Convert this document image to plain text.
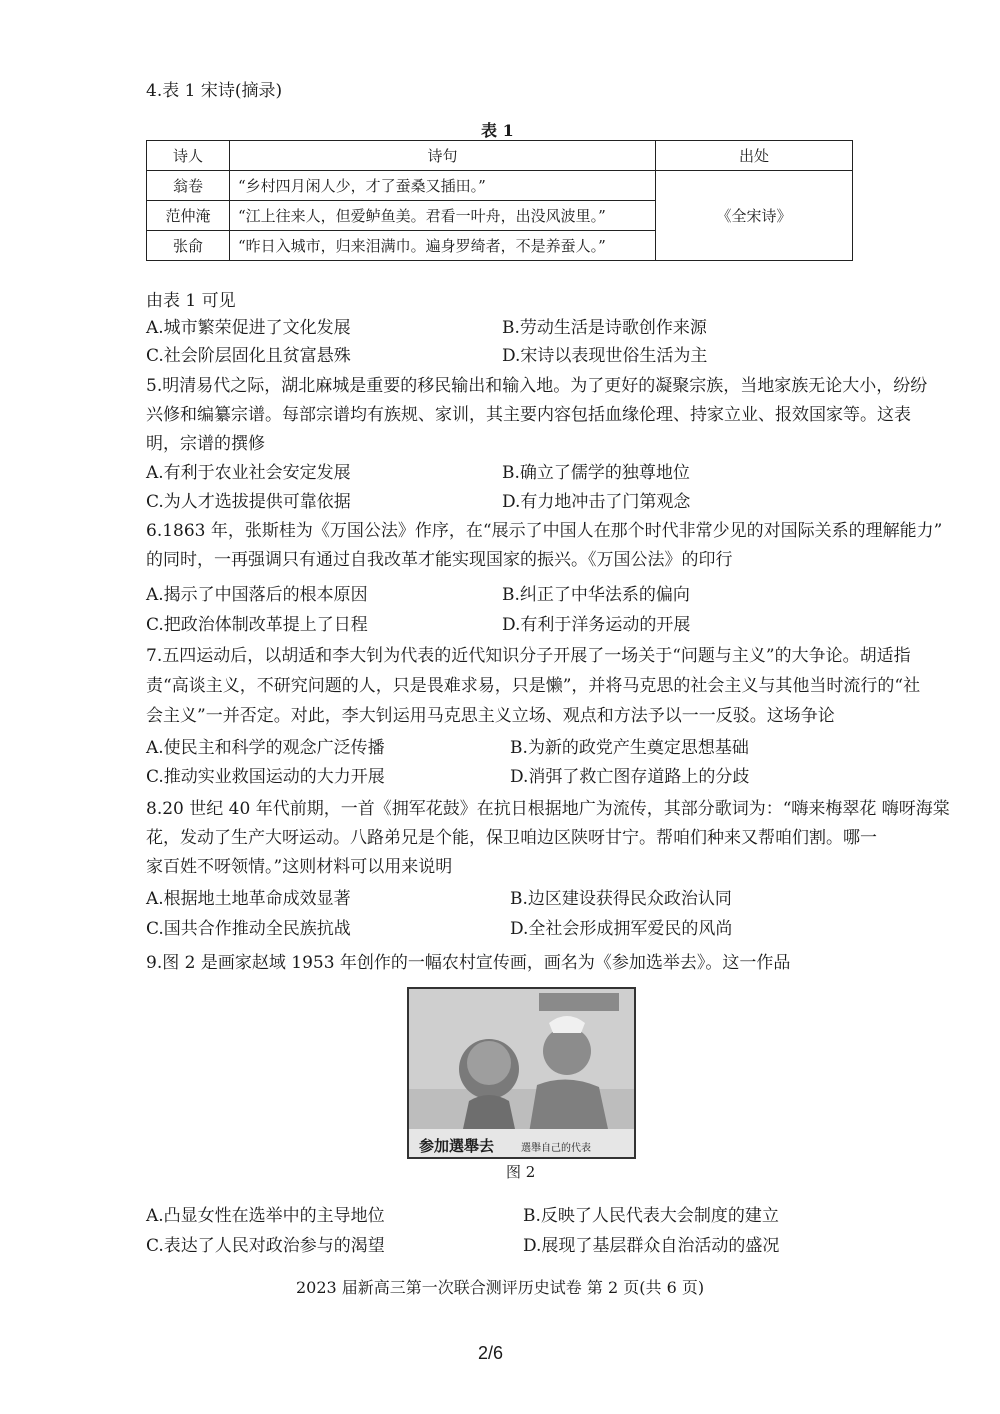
4.表 1 宋诗(摘录)
表 1
诗人	诗句	出处
翁卷	“乡村四月闲人少，才了蚕桑又插田。”	《全宋诗》
范仲淹	“江上往来人，但爱鲈鱼美。君看一叶舟，出没风波里。”	
张俞	“昨日入城市，归来泪满巾。遍身罗绮者，不是养蚕人。”	
由表 1 可见
A.城市繁荣促进了文化发展	B.劳动生活是诗歌创作来源
C.社会阶层固化且贫富悬殊	D.宋诗以表现世俗生活为主
5.明清易代之际，湖北麻城是重要的移民输出和输入地。为了更好的凝聚宗族，当地家族无论大小，纷纷
兴修和编纂宗谱。每部宗谱均有族规、家训，其主要内容包括血缘伦理、持家立业、报效国家等。这表
明，宗谱的撰修
A.有利于农业社会安定发展	B.确立了儒学的独尊地位
C.为人才选拔提供可靠依据	D.有力地冲击了门第观念
6.1863 年，张斯桂为《万国公法》作序，在“展示了中国人在那个时代非常少见的对国际关系的理解能力”
的同时，一再强调只有通过自我改革才能实现国家的振兴。《万国公法》的印行
A.揭示了中国落后的根本原因	B.纠正了中华法系的偏向
C.把政治体制改革提上了日程	D.有利于洋务运动的开展
7.五四运动后，以胡适和李大钊为代表的近代知识分子开展了一场关于“问题与主义”的大争论。胡适指
责“高谈主义，不研究问题的人，只是畏难求易，只是懒”，并将马克思的社会主义与其他当时流行的“社
会主义”一并否定。对此，李大钊运用马克思主义立场、观点和方法予以一一反驳。这场争论
A.使民主和科学的观念广泛传播	B.为新的政党产生奠定思想基础
C.推动实业救国运动的大力开展	D.消弭了救亡图存道路上的分歧
8.20 世纪 40 年代前期，一首《拥军花鼓》在抗日根据地广为流传，其部分歌词为：“嗨来梅翠花 嗨呀海棠
花，发动了生产大呀运动。八路弟兄是个能，保卫咱边区陕呀甘宁。帮咱们种来又帮咱们割。哪一
家百姓不呀领情。”这则材料可以用来说明
A.根据地土地革命成效显著	B.边区建设获得民众政治认同
C.国共合作推动全民族抗战	D.全社会形成拥军爱民的风尚
9.图 2 是画家赵域 1953 年创作的一幅农村宣传画，画名为《参加选举去》。这一作品
参加選舉去	選舉自己的代表
图 2
A.凸显女性在选举中的主导地位	B.反映了人民代表大会制度的建立
C.表达了人民对政治参与的渴望	D.展现了基层群众自治活动的盛况
2023 届新高三第一次联合测评历史试卷 第 2 页(共 6 页)
2/6
